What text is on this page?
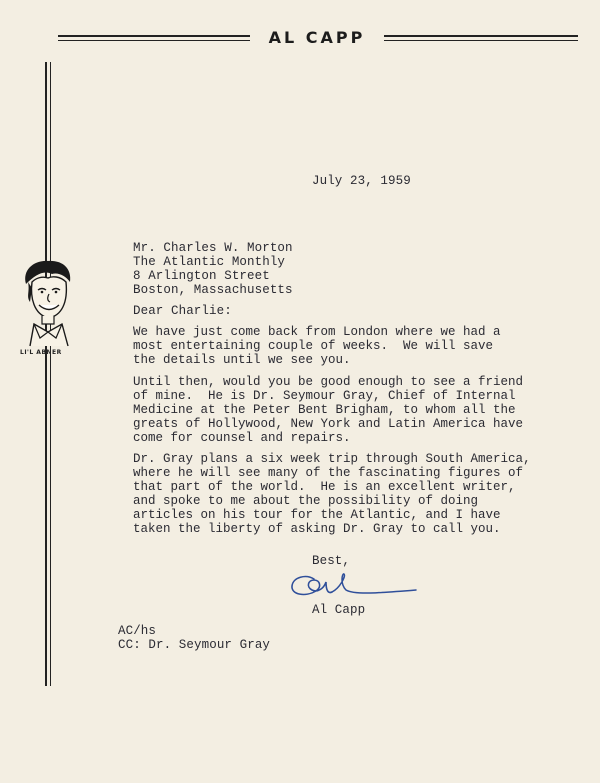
AL CAPP
LI'L ABNER
July 23, 1959
Mr. Charles W. Morton
The Atlantic Monthly
8 Arlington Street
Boston, Massachusetts
Dear Charlie:
We have just come back from London where we had a
most entertaining couple of weeks.  We will save
the details until we see you.
Until then, would you be good enough to see a friend
of mine.  He is Dr. Seymour Gray, Chief of Internal
Medicine at the Peter Bent Brigham, to whom all the
greats of Hollywood, New York and Latin America have
come for counsel and repairs.
Dr. Gray plans a six week trip through South America,
where he will see many of the fascinating figures of
that part of the world.  He is an excellent writer,
and spoke to me about the possibility of doing
articles on his tour for the Atlantic, and I have
taken the liberty of asking Dr. Gray to call you.
Best,
Al Capp
AC/hs
CC: Dr. Seymour Gray
